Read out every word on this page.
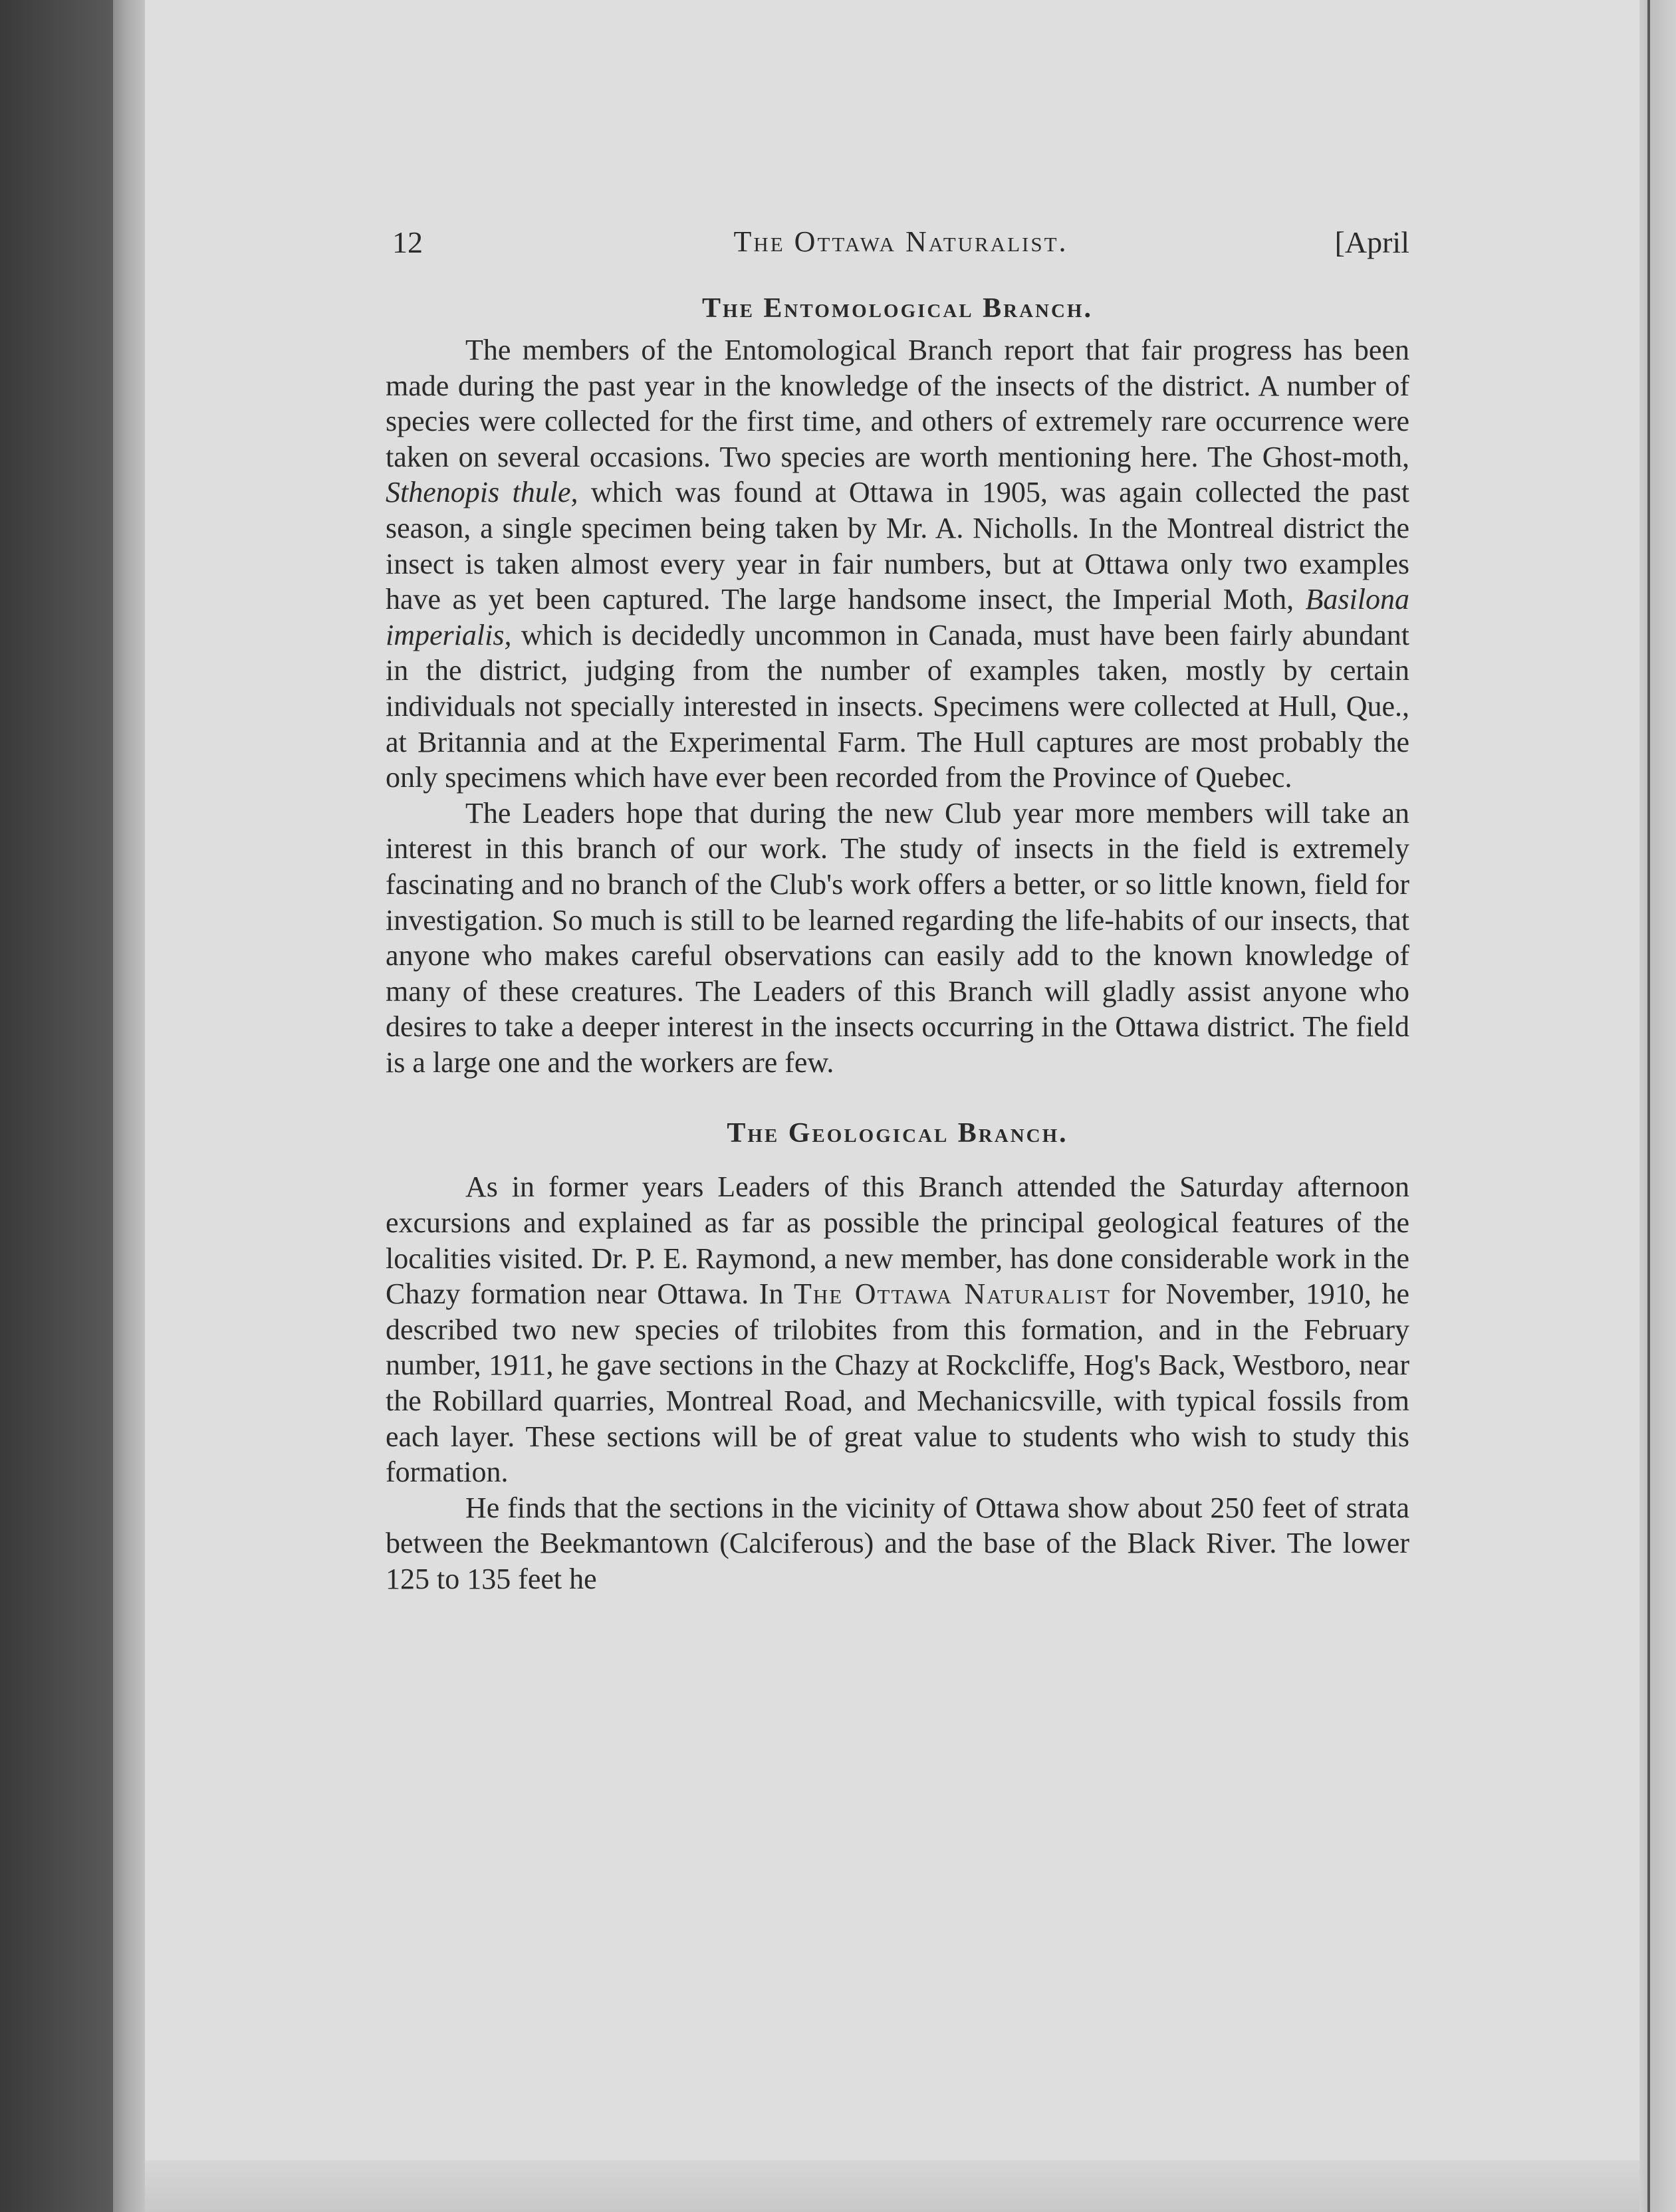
12	The Ottawa Naturalist.	[April
The Entomological Branch.

The members of the Entomological Branch report that fair progress has been made during the past year in the knowledge of the insects of the district. A number of species were collected for the first time, and others of extremely rare occurrence were taken on several occasions. Two species are worth mentioning here. The Ghost-moth, Sthenopis thule, which was found at Ottawa in 1905, was again collected the past season, a single specimen being taken by Mr. A. Nicholls. In the Montreal district the insect is taken almost every year in fair numbers, but at Ottawa only two examples have as yet been captured. The large handsome insect, the Imperial Moth, Basilona imperialis, which is decidedly uncommon in Canada, must have been fairly abundant in the district, judging from the number of examples taken, mostly by certain individuals not specially interested in insects. Specimens were collected at Hull, Que., at Britannia and at the Experimental Farm. The Hull captures are most probably the only specimens which have ever been recorded from the Province of Quebec.

The Leaders hope that during the new Club year more members will take an interest in this branch of our work. The study of insects in the field is extremely fascinating and no branch of the Club's work offers a better, or so little known, field for investigation. So much is still to be learned regarding the life-habits of our insects, that anyone who makes careful observations can easily add to the known knowledge of many of these creatures. The Leaders of this Branch will gladly assist anyone who desires to take a deeper interest in the insects occurring in the Ottawa district. The field is a large one and the workers are few.

The Geological Branch.

As in former years Leaders of this Branch attended the Saturday afternoon excursions and explained as far as possible the principal geological features of the localities visited. Dr. P. E. Raymond, a new member, has done considerable work in the Chazy formation near Ottawa. In The Ottawa Naturalist for November, 1910, he described two new species of trilobites from this formation, and in the February number, 1911, he gave sections in the Chazy at Rockcliffe, Hog's Back, Westboro, near the Robillard quarries, Montreal Road, and Mechanicsville, with typical fossils from each layer. These sections will be of great value to students who wish to study this formation.

He finds that the sections in the vicinity of Ottawa show about 250 feet of strata between the Beekmantown (Calciferous) and the base of the Black River. The lower 125 to 135 feet he
